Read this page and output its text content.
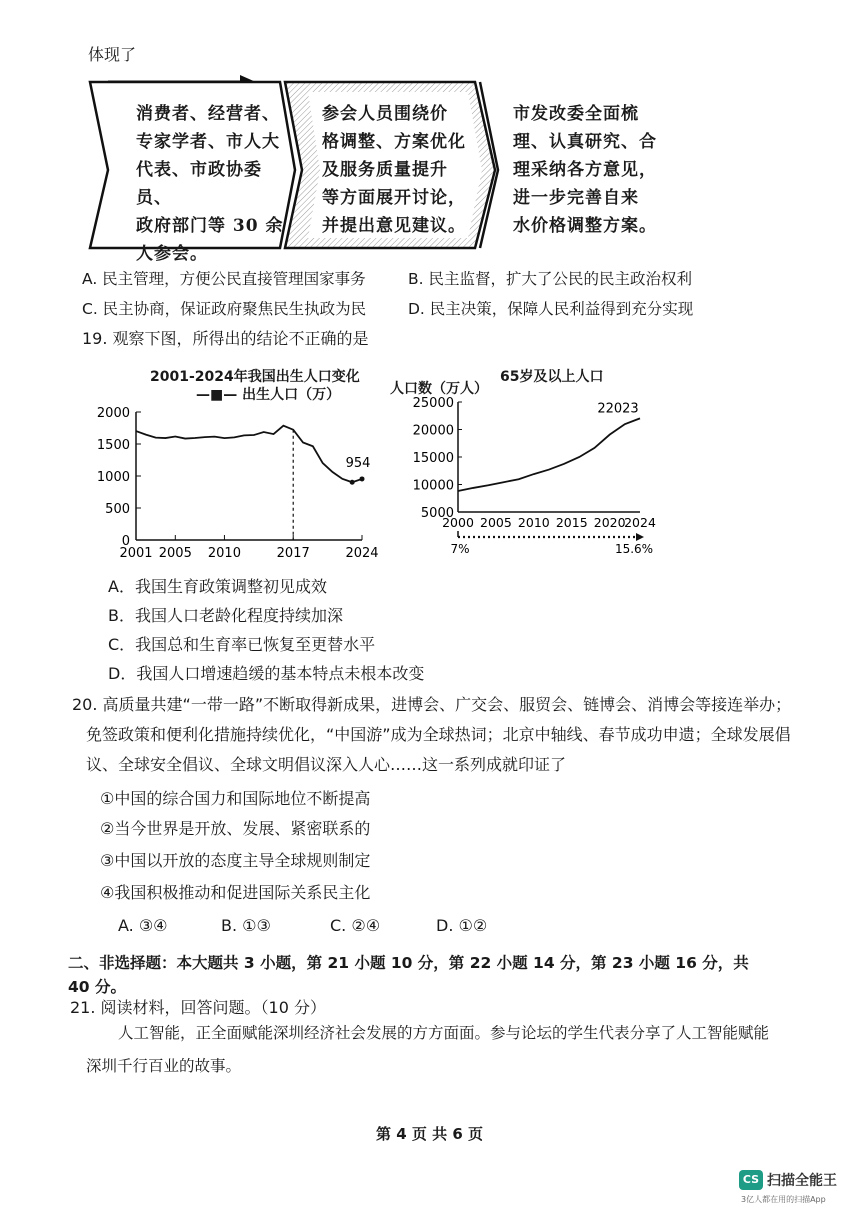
体现了
消费者、经营者、
专家学者、市人大
代表、市政协委员、
政府部门等 30 余
人参会。
参会人员围绕价
格调整、方案优化
及服务质量提升
等方面展开讨论，
并提出意见建议。
市发改委全面梳
理、认真研究、合
理采纳各方意见，
进一步完善自来
水价格调整方案。
A. 民主管理，方便公民直接管理国家事务	B. 民主监督，扩大了公民的民主政治权利
C. 民主协商，保证政府聚焦民生执政为民	D. 民主决策，保障人民利益得到充分实现
19. 观察下图，所得出的结论不正确的是
2001-2024年我国出生人口变化
—■— 出生人口（万）
0
500
1000
1500
2000
2001 2005 2010	2017	2024
954
65岁及以上人口
人口数（万人）
5000
10000
15000
20000
25000
2000 2005 2010 2015 2020
2024
22023
7%	15.6%
A．我国生育政策调整初见成效
B．我国人口老龄化程度持续加深
C．我国总和生育率已恢复至更替水平
D．我国人口增速趋缓的基本特点未根本改变
20. 高质量共建“一带一路”不断取得新成果，进博会、广交会、服贸会、链博会、消博会等接连举办；
免签政策和便利化措施持续优化，“中国游”成为全球热词；北京中轴线、春节成功申遗；全球发展倡
议、全球安全倡议、全球文明倡议深入人心……这一系列成就印证了
①中国的综合国力和国际地位不断提高
②当今世界是开放、发展、紧密联系的
③中国以开放的态度主导全球规则制定
④我国积极推动和促进国际关系民主化
A. ③④	B. ①③	C. ②④	D. ①②
二、非选择题：本大题共 3 小题，第 21 小题 10 分，第 22 小题 14 分，第 23 小题 16 分，共
40 分。
21. 阅读材料，回答问题。（10 分）
人工智能，正全面赋能深圳经济社会发展的方方面面。参与论坛的学生代表分享了人工智能赋能
深圳千行百业的故事。
第 4 页 共 6 页
CS 扫描全能王
3亿人都在用的扫描App
